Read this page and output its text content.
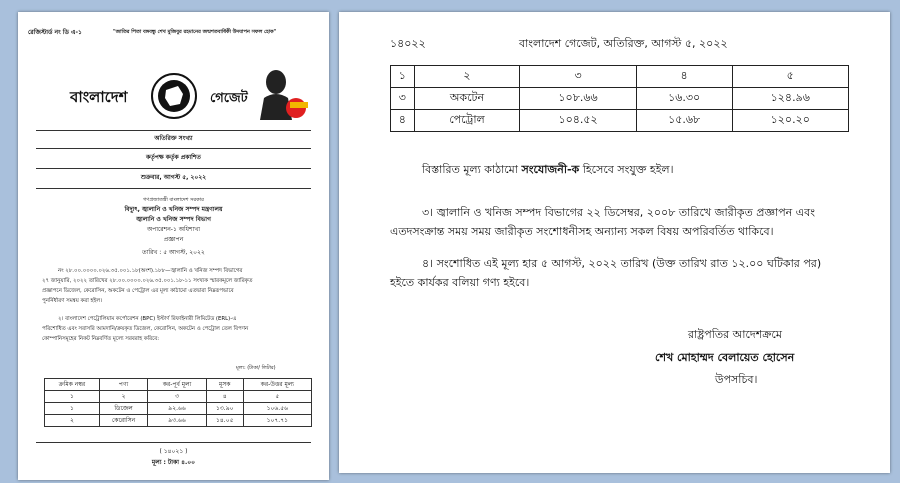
রেজিস্টার্ড নং ডি এ-১	"জাতির পিতা বঙ্গবন্ধু শেখ মুজিবুর রহমানের জন্মশতবার্ষিকী উদযাপন সফল হোক"
বাংলাদেশ	গেজেট
অতিরিক্ত সংখ্যা
কর্তৃপক্ষ কর্তৃক প্রকাশিত
শুক্রবার, আগস্ট ৫, ২০২২
গণপ্রজাতন্ত্রী বাংলাদেশ সরকার
বিদ্যুৎ, জ্বালানি ও খনিজ সম্পদ মন্ত্রণালয়
জ্বালানি ও খনিজ সম্পদ বিভাগ
অপারেশন-১ অধিশাখা
প্রজ্ঞাপন
তারিখ : ৫ আগস্ট, ২০২২
নং ২৮.০০.০০০০.০২৬.৩৫.০০১.১৮(অংশ).১৮৮—জ্বালানি ও খনিজ সম্পদ বিভাগের
২৭ জানুয়ারি, ২০২২ তারিখের ২৮.০০.০০০০.০২৬.৩৫.০০১.১৮-১১ সংখ্যক স্মারকমূলে জারিকৃত
প্রজ্ঞাপনে ডিজেল, কেরোসিন, অকটেন ও পেট্রোল এর মূল্য কাঠামো এতদ্বারা নিম্নরূপভাবে
পুনর্নির্ধারণ সমন্বয় করা হইল।
২। বাংলাদেশ পেট্রোলিয়াম কর্পোরেশন (BPC) ইস্টার্ণ রিফাইনারী লিমিটেড (ERL)-এ
পরিশোধিত এবং সরাসরি আমদানি/ক্রয়কৃত ডিজেল, কেরোসিন, অকটেন ও পেট্রোল তেল বিপণন
কোম্পানিসমূহের নিকট নিম্নবর্ণিত মূল্যে সরবরাহ করিবে:
মূল্য: (টাকা/ লিটার)
ক্রমিক নম্বর	পণ্য	কর-পূর্ব মূল্য	মূসক	কর-উত্তর মূল্য
১	২	৩	৪	৫
১	ডিজেল	৯২.৬৬	১৩.৯০	১০৬.৫৬
২	কেরোসিন	৯৩.৬৬	১৪.০৫	১০৭.৭১
( ১৪০২১ )
মূল্য : টাকা ৪.০০
১৪০২২	বাংলাদেশ গেজেট, অতিরিক্ত, আগস্ট ৫, ২০২২
১	২	৩	৪	৫
৩	অকটেন	১০৮.৬৬	১৬.৩০	১২৪.৯৬
৪	পেট্রোল	১০৪.৫২	১৫.৬৮	১২০.২০
বিস্তারিত মূল্য কাঠামো সংযোজনী-ক হিসেবে সংযুক্ত হইল।
৩। জ্বালানি ও খনিজ সম্পদ বিভাগের ২২ ডিসেম্বর, ২০০৮ তারিখে জারীকৃত প্রজ্ঞাপন এবং
এতদসংক্রান্ত সময় সময় জারীকৃত সংশোধনীসহ অন্যান্য সকল বিষয় অপরিবর্তিত থাকিবে।
৪। সংশোধিত এই মূল্য হার ৫ আগস্ট, ২০২২ তারিখ (উক্ত তারিখ রাত ১২.০০ ঘটিকার পর)
হইতে কার্যকর বলিয়া গণ্য হইবে।
রাষ্ট্রপতির আদেশক্রমে
শেখ মোহাম্মদ বেলায়েত হোসেন
উপসচিব।
